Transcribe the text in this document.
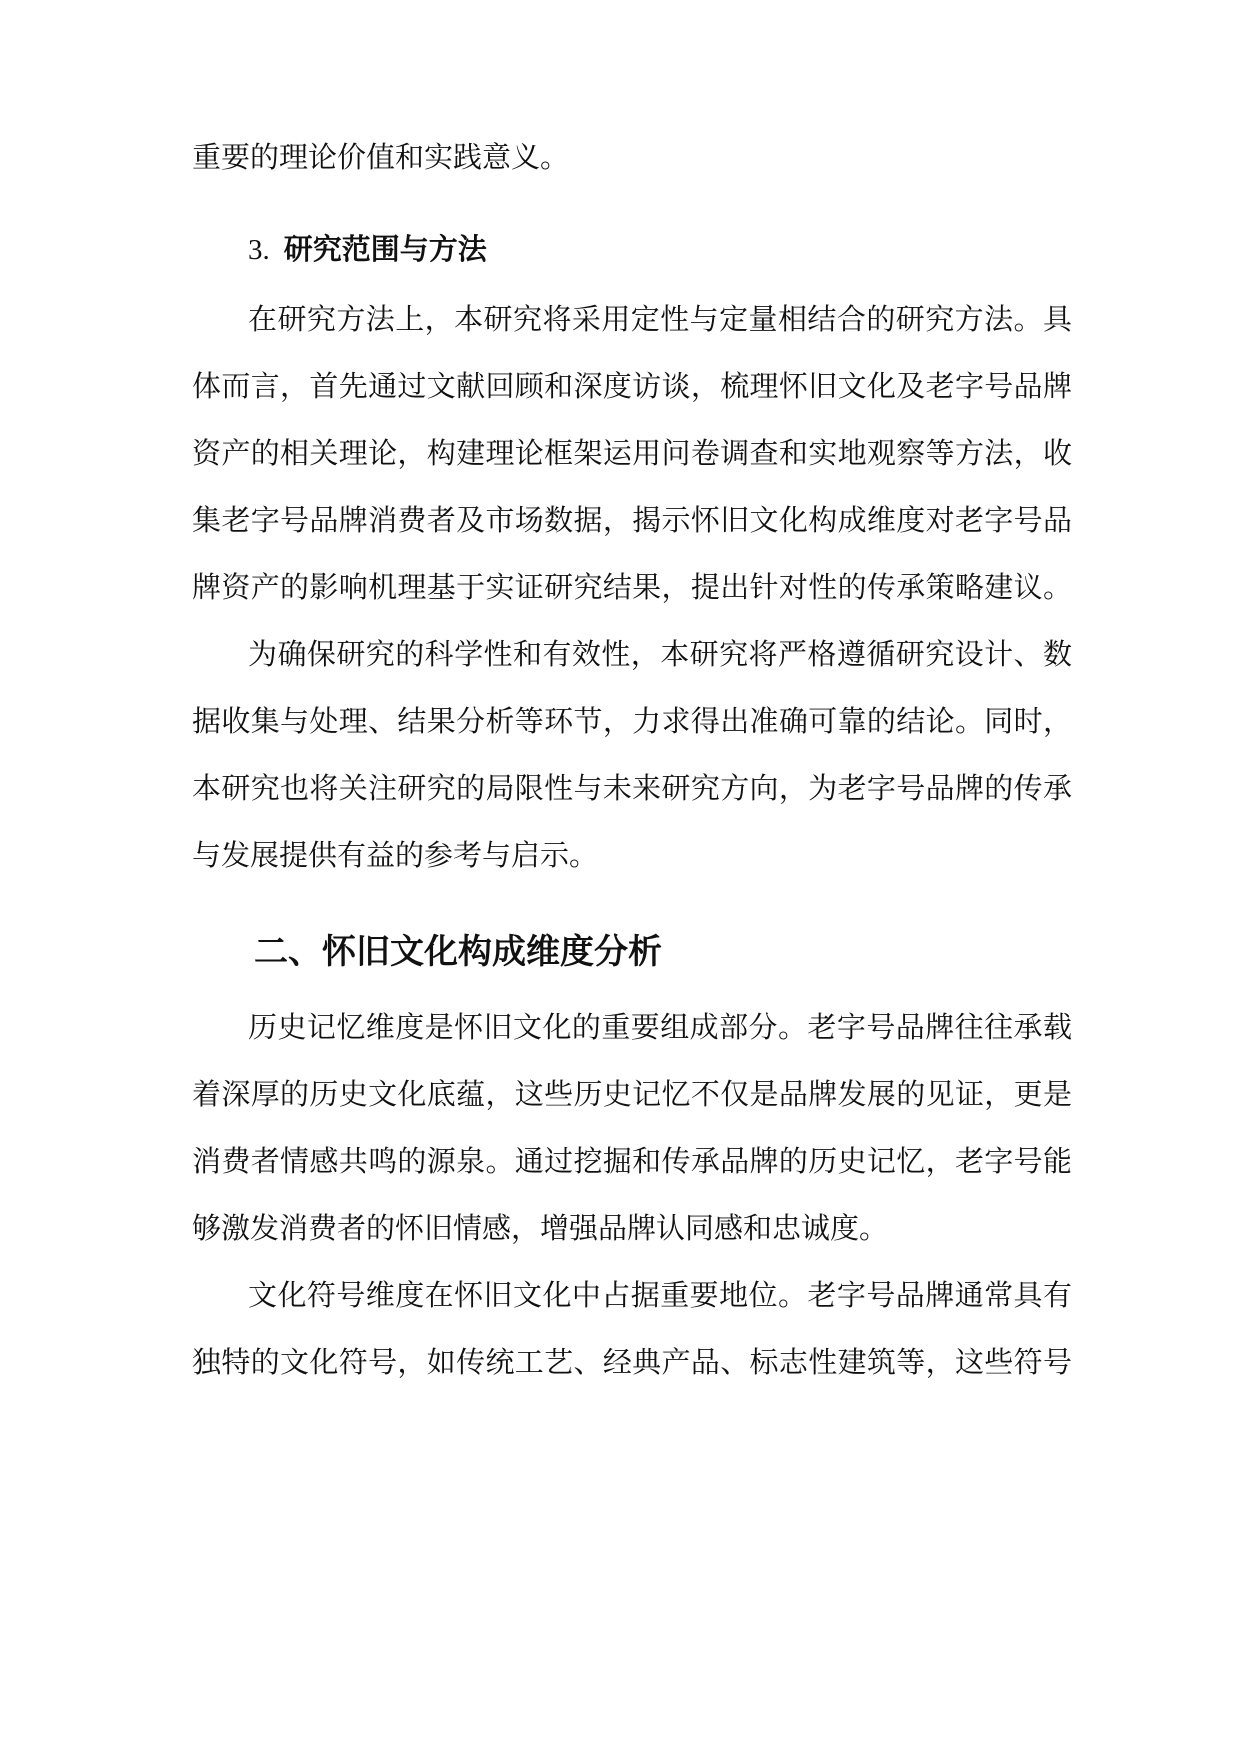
重要的理论价值和实践意义。
3. 研究范围与方法
在研究方法上，本研究将采用定性与定量相结合的研究方法。具
体而言，首先通过文献回顾和深度访谈，梳理怀旧文化及老字号品牌
资产的相关理论，构建理论框架运用问卷调查和实地观察等方法，收
集老字号品牌消费者及市场数据，揭示怀旧文化构成维度对老字号品
牌资产的影响机理基于实证研究结果，提出针对性的传承策略建议。
为确保研究的科学性和有效性，本研究将严格遵循研究设计、数
据收集与处理、结果分析等环节，力求得出准确可靠的结论。同时，
本研究也将关注研究的局限性与未来研究方向，为老字号品牌的传承
与发展提供有益的参考与启示。
二、怀旧文化构成维度分析
历史记忆维度是怀旧文化的重要组成部分。老字号品牌往往承载
着深厚的历史文化底蕴，这些历史记忆不仅是品牌发展的见证，更是
消费者情感共鸣的源泉。通过挖掘和传承品牌的历史记忆，老字号能
够激发消费者的怀旧情感，增强品牌认同感和忠诚度。
文化符号维度在怀旧文化中占据重要地位。老字号品牌通常具有
独特的文化符号，如传统工艺、经典产品、标志性建筑等，这些符号
